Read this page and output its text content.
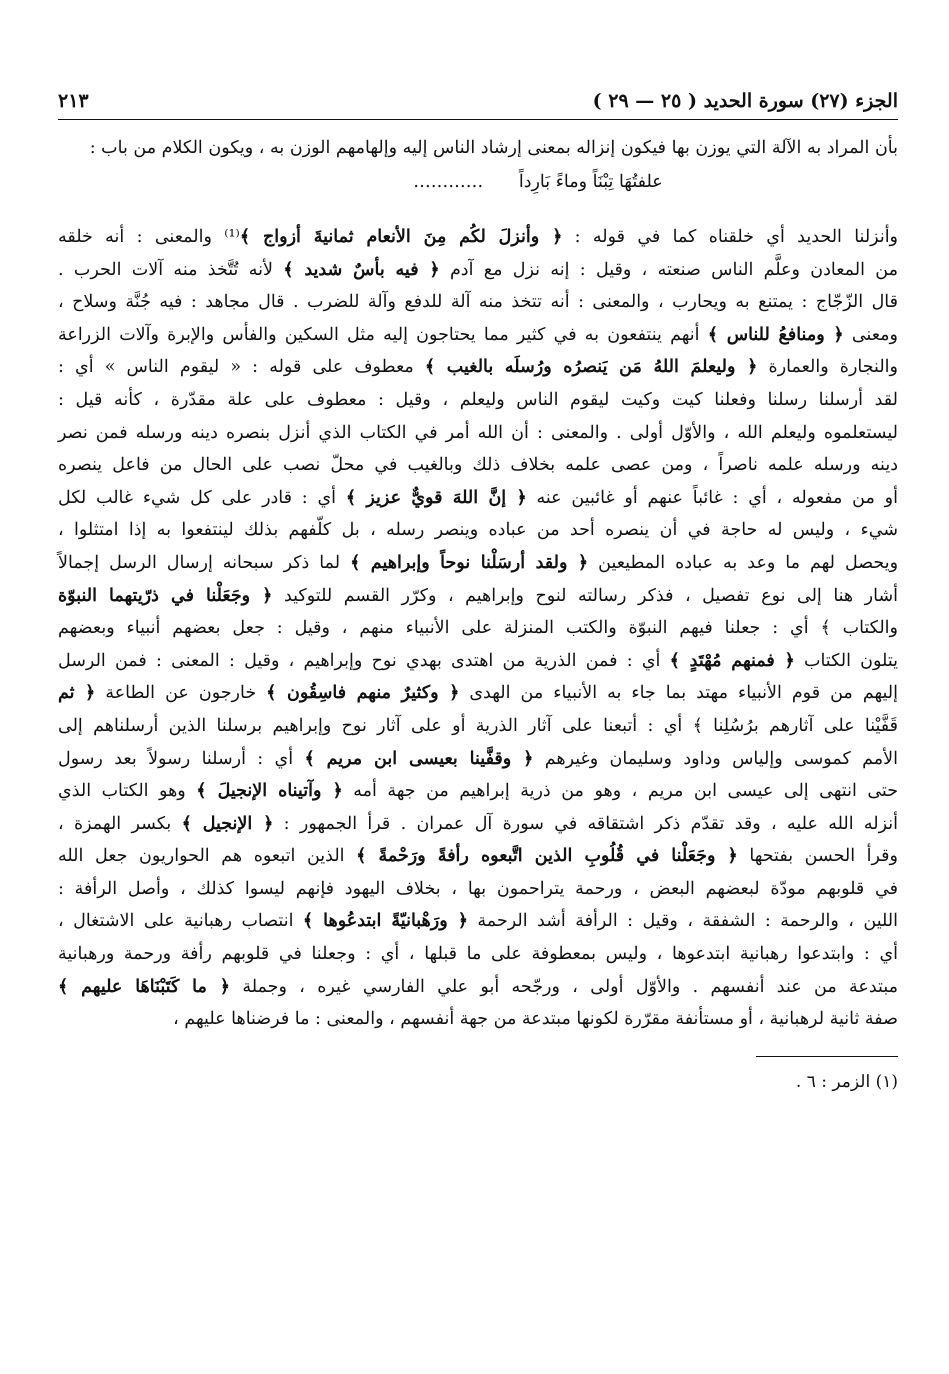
الجزء (٢٧) سورة الحديد ( ٢٥ — ٢٩ )
٢١٣

بأن المراد به الآلة التي يوزن بها فيكون إنزاله بمعنى إرشاد الناس إليه وإلهامهم الوزن به ، ويكون الكلام من باب :

علفتُهَا تِبْنَاً وماءً بَارِداً …………

وأنزلنا الحديد أي خلقناه كما في قوله : ﴿ وأنزلَ لكُم مِنَ الأنعام ثمانيةَ أزواج ﴾⁽¹⁾ والمعنى : أنه خلقه
من المعادن وعلَّم الناس صنعته ، وقيل : إنه نزل مع آدم ﴿ فيه بأسٌ شديد ﴾ لأنه تُتَّخذ منه آلات الحرب .
قال الزّجّاج : يمتنع به ويحارب ، والمعنى : أنه تتخذ منه آلة للدفع وآلة للضرب . قال مجاهد : فيه جُنَّة وسلاح ،
ومعنى ﴿ ومنافعُ للناس ﴾ أنهم ينتفعون به في كثير مما يحتاجون إليه مثل السكين والفأس والإبرة وآلات الزراعة
والنجارة والعمارة ﴿ وليعلمَ اللهُ مَن يَنصرُه ورُسلَه بالغيب ﴾ معطوف على قوله : « ليقوم الناس » أي :
لقد أرسلنا رسلنا وفعلنا كيت وكيت ليقوم الناس وليعلم ، وقيل : معطوف على علة مقدّرة ، كأنه قيل :
ليستعلموه وليعلم الله ، والأوّل أولى . والمعنى : أن الله أمر في الكتاب الذي أنزل بنصره دينه ورسله فمن نصر
دينه ورسله علمه ناصراً ، ومن عصى علمه بخلاف ذلك وبالغيب في محلّ نصب على الحال من فاعل ينصره
أو من مفعوله ، أي : غائباً عنهم أو غائبين عنه ﴿ إنَّ اللهَ قويٌّ عزيز ﴾ أي : قادر على كل شيء غالب لكل
شيء ، وليس له حاجة في أن ينصره أحد من عباده وينصر رسله ، بل كلّفهم بذلك لينتفعوا به إذا امتثلوا ،
ويحصل لهم ما وعد به عباده المطيعين ﴿ ولقد أرسَلْنا نوحاً وإبراهيم ﴾ لما ذكر سبحانه إرسال الرسل إجمالاً
أشار هنا إلى نوع تفصيل ، فذكر رسالته لنوح وإبراهيم ، وكرّر القسم للتوكيد ﴿ وجَعَلْنا في ذرّيتهما النبوّة
والكتاب ﴾ أي : جعلنا فيهم النبوّة والكتب المنزلة على الأنبياء منهم ، وقيل : جعل بعضهم أنبياء وبعضهم
يتلون الكتاب ﴿ فمنهم مُهْتَدٍ ﴾ أي : فمن الذرية من اهتدى بهدي نوح وإبراهيم ، وقيل : المعنى : فمن الرسل
إليهم من قوم الأنبياء مهتد بما جاء به الأنبياء من الهدى ﴿ وكثيرٌ منهم فاسِقُون ﴾ خارجون عن الطاعة ﴿ ثم
قَفَّيْنا على آثارهم برُسُلِنا ﴾ أي : أتبعنا على آثار الذرية أو على آثار نوح وإبراهيم برسلنا الذين أرسلناهم إلى
الأمم كموسى وإلياس وداود وسليمان وغيرهم ﴿ وقفَّينا بعيسى ابن مريم ﴾ أي : أرسلنا رسولاً بعد رسول
حتى انتهى إلى عيسى ابن مريم ، وهو من ذرية إبراهيم من جهة أمه ﴿ وآتيناه الإنجيلَ ﴾ وهو الكتاب الذي
أنزله الله عليه ، وقد تقدّم ذكر اشتقاقه في سورة آل عمران . قرأ الجمهور : ﴿ الإنجيل ﴾ بكسر الهمزة ،
وقرأ الحسن بفتحها ﴿ وجَعَلْنا في قُلُوبِ الذين اتَّبعوه رأفةً ورَحْمةً ﴾ الذين اتبعوه هم الحواريون جعل الله
في قلوبهم مودّة لبعضهم البعض ، ورحمة يتراحمون بها ، بخلاف اليهود فإنهم ليسوا كذلك ، وأصل الرأفة :
اللين ، والرحمة : الشفقة ، وقيل : الرأفة أشد الرحمة ﴿ ورَهْبانيّةً ابتدعُوها ﴾ انتصاب رهبانية على الاشتغال ،
أي : وابتدعوا رهبانية ابتدعوها ، وليس بمعطوفة على ما قبلها ، أي : وجعلنا في قلوبهم رأفة ورحمة ورهبانية
مبتدعة من عند أنفسهم . والأوّل أولى ، ورجّحه أبو علي الفارسي غيره ، وجملة ﴿ ما كَتَبْنَاهَا عليهم ﴾
صفة ثانية لرهبانية ، أو مستأنفة مقرّرة لكونها مبتدعة من جهة أنفسهم ، والمعنى : ما فرضناها عليهم ،

(١) الزمر : ٦ .
